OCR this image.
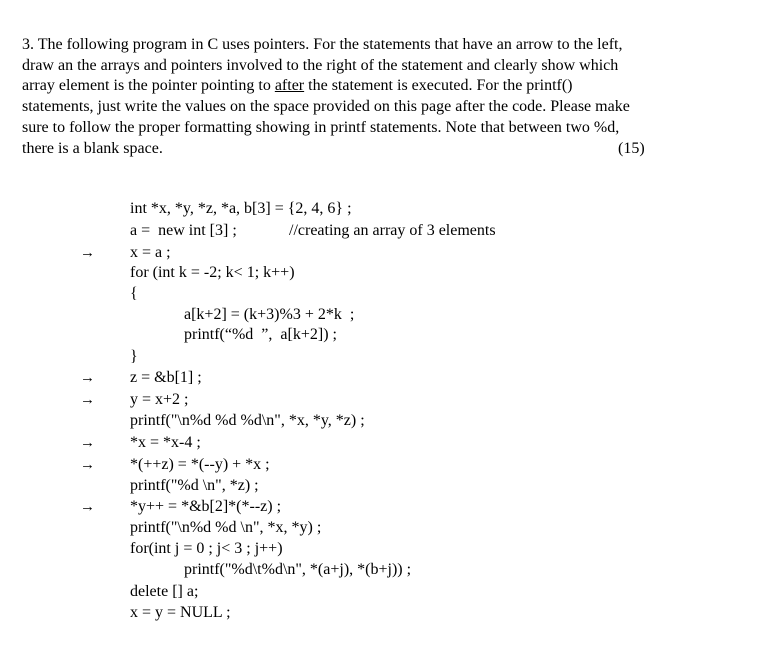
3. The following program in C uses pointers. For the statements that have an arrow to the left,
draw an the arrays and pointers involved to the right of the statement and clearly show which
array element is the pointer pointing to after the statement is executed. For the printf()
statements, just write the values on the space provided on this page after the code. Please make
sure to follow the proper formatting showing in printf statements. Note that between two %d,
there is a blank space.	(15)
int *x, *y, *z, *a, b[3] = {2, 4, 6} ;
a =  new int [3] ;	//creating an array of 3 elements
→ x = a ;
for (int k = -2; k< 1; k++)
{
a[k+2] = (k+3)%3 + 2*k  ;
printf(“%d  ”,  a[k+2]) ;
}
→ z = &b[1] ;
→ y = x+2 ;
printf("\n%d %d %d\n", *x, *y, *z) ;
→ *x = *x-4 ;
→ *(++z) = *(--y) + *x ;
printf("%d \n", *z) ;
→ *y++ = *&b[2]*(*--z) ;
printf("\n%d %d \n", *x, *y) ;
for(int j = 0 ; j< 3 ; j++)
printf("%d\t%d\n", *(a+j), *(b+j)) ;
delete [] a;
x = y = NULL ;
